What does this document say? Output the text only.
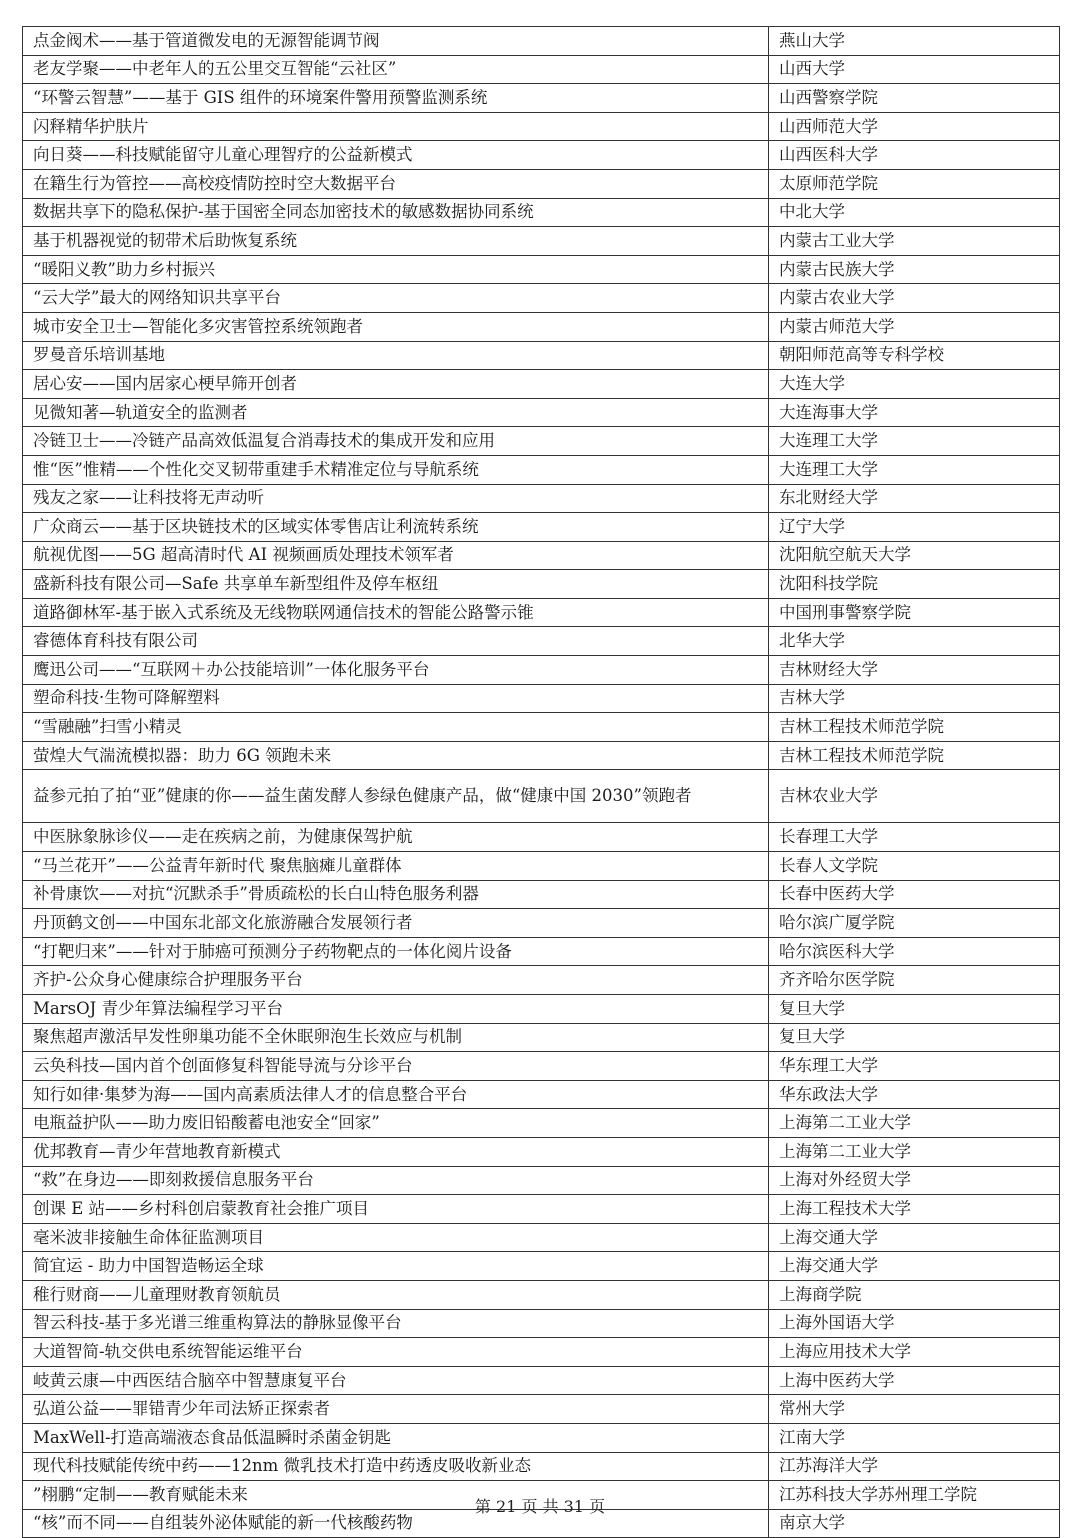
点金阀术——基于管道微发电的无源智能调节阀	燕山大学
老友学聚——中老年人的五公里交互智能“云社区”	山西大学
“环警云智慧”——基于 GIS 组件的环境案件警用预警监测系统	山西警察学院
闪释精华护肤片	山西师范大学
向日葵——科技赋能留守儿童心理智疗的公益新模式	山西医科大学
在籍生行为管控——高校疫情防控时空大数据平台	太原师范学院
数据共享下的隐私保护-基于国密全同态加密技术的敏感数据协同系统	中北大学
基于机器视觉的韧带术后助恢复系统	内蒙古工业大学
“暖阳义教”助力乡村振兴	内蒙古民族大学
“云大学”最大的网络知识共享平台	内蒙古农业大学
城市安全卫士—智能化多灾害管控系统领跑者	内蒙古师范大学
罗曼音乐培训基地	朝阳师范高等专科学校
居心安——国内居家心梗早筛开创者	大连大学
见微知著—轨道安全的监测者	大连海事大学
冷链卫士——冷链产品高效低温复合消毒技术的集成开发和应用	大连理工大学
惟“医”惟精——个性化交叉韧带重建手术精准定位与导航系统	大连理工大学
残友之家——让科技将无声动听	东北财经大学
广众商云——基于区块链技术的区域实体零售店让利流转系统	辽宁大学
航视优图——5G 超高清时代 AI 视频画质处理技术领军者	沈阳航空航天大学
盛新科技有限公司—Safe 共享单车新型组件及停车枢纽	沈阳科技学院
道路御林军-基于嵌入式系统及无线物联网通信技术的智能公路警示锥	中国刑事警察学院
睿德体育科技有限公司	北华大学
鹰迅公司——“互联网＋办公技能培训”一体化服务平台	吉林财经大学
塑命科技·生物可降解塑料	吉林大学
“雪融融”扫雪小精灵	吉林工程技术师范学院
萤煌大气湍流模拟器：助力 6G 领跑未来	吉林工程技术师范学院
益参元拍了拍“亚”健康的你——益生菌发酵人参绿色健康产品，做“健康中国 2030”领跑者	吉林农业大学
中医脉象脉诊仪——走在疾病之前，为健康保驾护航	长春理工大学
“马兰花开”——公益青年新时代 聚焦脑瘫儿童群体	长春人文学院
补骨康饮——对抗“沉默杀手”骨质疏松的长白山特色服务利器	长春中医药大学
丹顶鹤文创——中国东北部文化旅游融合发展领行者	哈尔滨广厦学院
“打靶归来”——针对于肺癌可预测分子药物靶点的一体化阅片设备	哈尔滨医科大学
齐护-公众身心健康综合护理服务平台	齐齐哈尔医学院
MarsOJ 青少年算法编程学习平台	复旦大学
聚焦超声激活早发性卵巢功能不全休眠卵泡生长效应与机制	复旦大学
云奂科技—国内首个创面修复科智能导流与分诊平台	华东理工大学
知行如律·集梦为海——国内高素质法律人才的信息整合平台	华东政法大学
电瓶益护队——助力废旧铅酸蓄电池安全“回家”	上海第二工业大学
优邦教育—青少年营地教育新模式	上海第二工业大学
“救”在身边——即刻救援信息服务平台	上海对外经贸大学
创课 E 站——乡村科创启蒙教育社会推广项目	上海工程技术大学
毫米波非接触生命体征监测项目	上海交通大学
简宜运 - 助力中国智造畅运全球	上海交通大学
稚行财商——儿童理财教育领航员	上海商学院
智云科技-基于多光谱三维重构算法的静脉显像平台	上海外国语大学
大道智简-轨交供电系统智能运维平台	上海应用技术大学
岐黄云康—中西医结合脑卒中智慧康复平台	上海中医药大学
弘道公益——罪错青少年司法矫正探索者	常州大学
MaxWell-打造高端液态食品低温瞬时杀菌金钥匙	江南大学
现代科技赋能传统中药——12nm 微乳技术打造中药透皮吸收新业态	江苏海洋大学
”栩鹏“定制——教育赋能未来	江苏科技大学苏州理工学院
“核”而不同——自组装外泌体赋能的新一代核酸药物	南京大学
第 21 页 共 31 页
